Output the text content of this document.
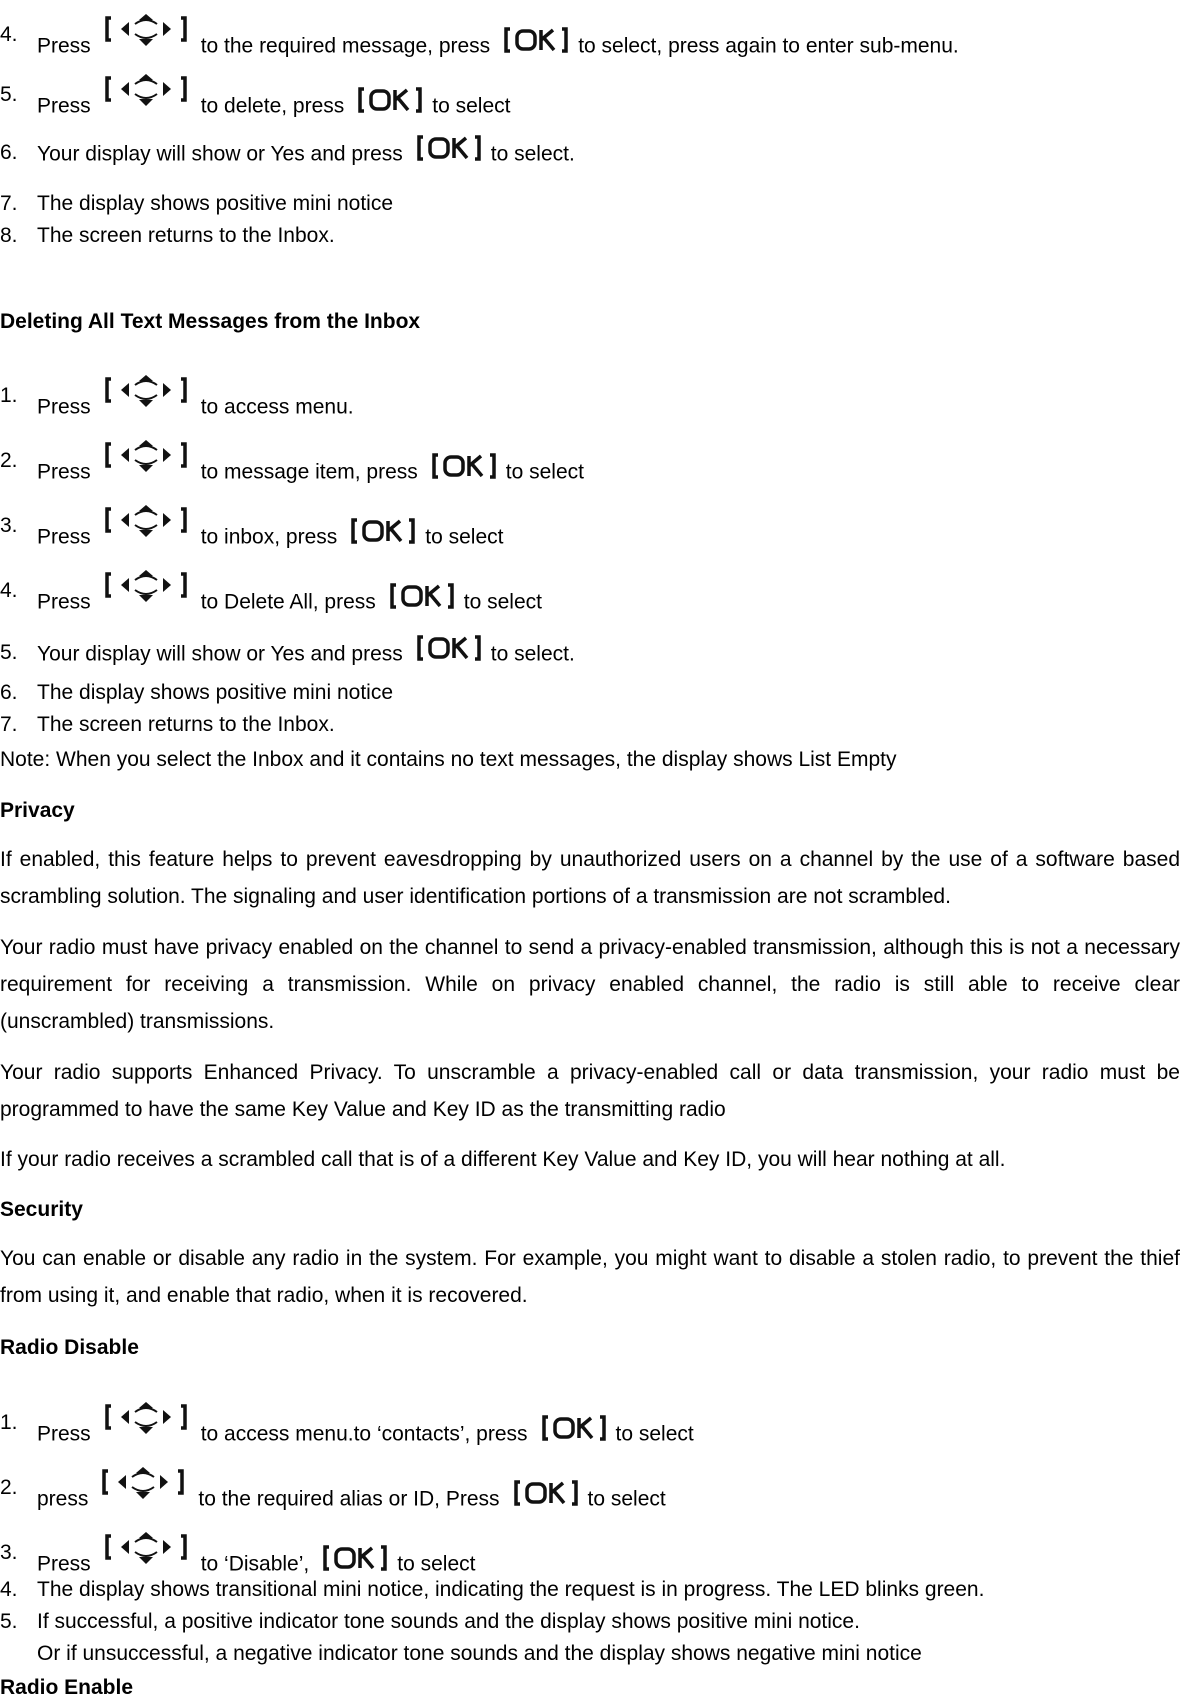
4.
Press	to the required message, press	to select, press again to enter sub-menu.
5.
Press	to delete, press	to select
6. Your display will show or Yes and press	to select.
7. The display shows positive mini notice
8. The screen returns to the Inbox.
Deleting All Text Messages from the Inbox
1.
Press	to access menu.
2.
Press	to message item, press	to select
3.
Press	to inbox, press	to select
4.
Press	to Delete All, press	to select
5. Your display will show or Yes and press	to select.
6. The display shows positive mini notice
7. The screen returns to the Inbox.
Note: When you select the Inbox and it contains no text messages, the display shows List Empty
Privacy
If enabled, this feature helps to prevent eavesdropping by unauthorized users on a channel by the use of a software based scrambling solution. The signaling and user identification portions of a transmission are not scrambled.
Your radio must have privacy enabled on the channel to send a privacy-enabled transmission, although this is not a necessary requirement for receiving a transmission. While on privacy enabled channel, the radio is still able to receive clear (unscrambled) transmissions.
Your radio supports Enhanced Privacy. To unscramble a privacy-enabled call or data transmission, your radio must be programmed to have the same Key Value and Key ID as the transmitting radio
If your radio receives a scrambled call that is of a different Key Value and Key ID, you will hear nothing at all.
Security
You can enable or disable any radio in the system. For example, you might want to disable a stolen radio, to prevent the thief from using it, and enable that radio, when it is recovered.
Radio Disable
1.
Press	to access menu.to ‘contacts’, press	to select
2.
press	to the required alias or ID, Press	to select
3.
Press	to ‘Disable’,	to select
4. The display shows transitional mini notice, indicating the request is in progress. The LED blinks green.
5. If successful, a positive indicator tone sounds and the display shows positive mini notice.
Or if unsuccessful, a negative indicator tone sounds and the display shows negative mini notice
Radio Enable
